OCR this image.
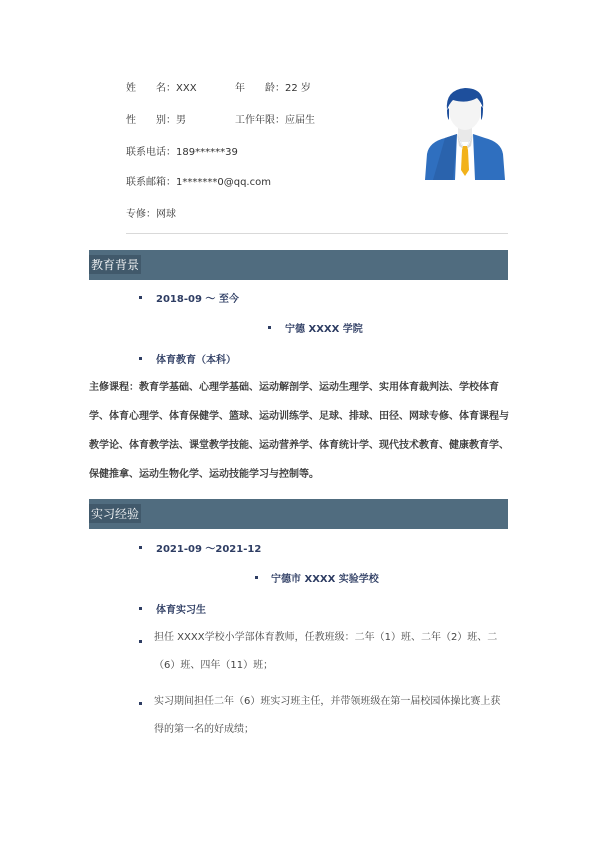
姓　　名：XXX	年　　龄：22 岁
性　　别：男	工作年限：应届生
联系电话：189******39
联系邮箱：1*******0@qq.com
专修：网球
教育背景
2018-09 ～ 至今
宁德 XXXX 学院
体育教育（本科）
主修课程：教育学基础、心理学基础、运动解剖学、运动生理学、实用体育裁判法、学校体育学、体育心理学、体育保健学、篮球、运动训练学、足球、排球、田径、网球专修、体育课程与教学论、体育教学法、课堂教学技能、运动营养学、体育统计学、现代技术教育、健康教育学、保健推拿、运动生物化学、运动技能学习与控制等。
实习经验
2021-09 ～2021-12
宁德市 XXXX 实验学校
体育实习生
担任 XXXX学校小学部体育教师，任教班级：二年（1）班、二年（2）班、二（6）班、四年（11）班；
实习期间担任二年（6）班实习班主任，并带领班级在第一届校园体操比赛上获得的第一名的好成绩；
